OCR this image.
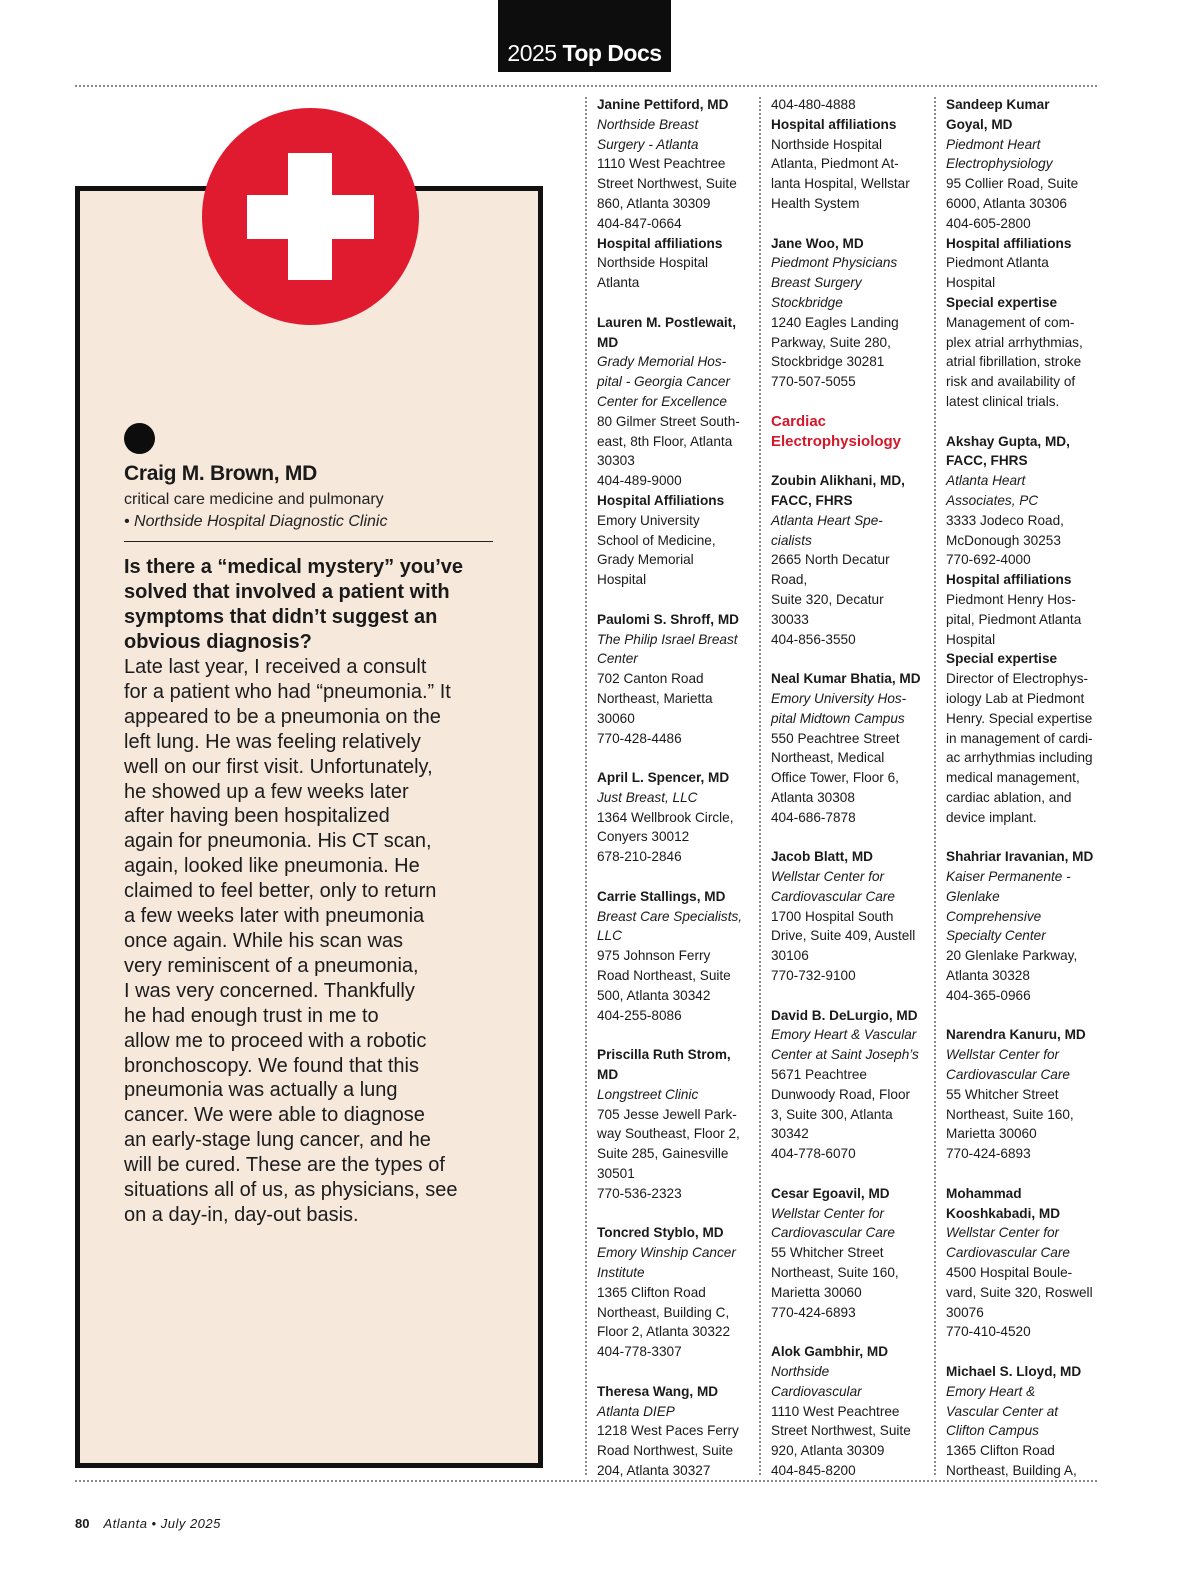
2025 Top Docs
Craig M. Brown, MD
critical care medicine and pulmonary
• Northside Hospital Diagnostic Clinic
Is there a “medical mystery” you’ve solved that involved a patient with symptoms that didn’t suggest an obvious diagnosis?
Late last year, I received a consult
for a patient who had “pneumonia.” It
appeared to be a pneumonia on the
left lung. He was feeling relatively
well on our first visit. Unfortunately,
he showed up a few weeks later
after having been hospitalized
again for pneumonia. His CT scan,
again, looked like pneumonia. He
claimed to feel better, only to return
a few weeks later with pneumonia
once again. While his scan was
very reminiscent of a pneumonia,
I was very concerned. Thankfully
he had enough trust in me to
allow me to proceed with a robotic
bronchoscopy. We found that this
pneumonia was actually a lung
cancer. We were able to diagnose
an early-stage lung cancer, and he
will be cured. These are the types of
situations all of us, as physicians, see
on a day-in, day-out basis.
Janine Pettiford, MD
Northside Breast
Surgery - Atlanta
1110 West Peachtree
Street Northwest, Suite
860, Atlanta 30309
404-847-0664
Hospital affiliations
Northside Hospital
Atlanta
Lauren M. Postlewait,
MD
Grady Memorial Hos-
pital - Georgia Cancer
Center for Excellence
80 Gilmer Street South-
east, 8th Floor, Atlanta
30303
404-489-9000
Hospital Affiliations
Emory University
School of Medicine,
Grady Memorial
Hospital
Paulomi S. Shroff, MD
The Philip Israel Breast
Center
702 Canton Road
Northeast, Marietta
30060
770-428-4486
April L. Spencer, MD
Just Breast, LLC
1364 Wellbrook Circle,
Conyers 30012
678-210-2846
Carrie Stallings, MD
Breast Care Specialists,
LLC
975 Johnson Ferry
Road Northeast, Suite
500, Atlanta 30342
404-255-8086
Priscilla Ruth Strom,
MD
Longstreet Clinic
705 Jesse Jewell Park-
way Southeast, Floor 2,
Suite 285, Gainesville
30501
770-536-2323
Toncred Styblo, MD
Emory Winship Cancer
Institute
1365 Clifton Road
Northeast, Building C,
Floor 2, Atlanta 30322
404-778-3307
Theresa Wang, MD
Atlanta DIEP
1218 West Paces Ferry
Road Northwest, Suite
204, Atlanta 30327
404-480-4888
Hospital affiliations
Northside Hospital
Atlanta, Piedmont At-
lanta Hospital, Wellstar
Health System
Jane Woo, MD
Piedmont Physicians
Breast Surgery
Stockbridge
1240 Eagles Landing
Parkway, Suite 280,
Stockbridge 30281
770-507-5055
Cardiac
Electrophysiology
Zoubin Alikhani, MD,
FACC, FHRS
Atlanta Heart Spe-
cialists
2665 North Decatur
Road,
Suite 320, Decatur
30033
404-856-3550
Neal Kumar Bhatia, MD
Emory University Hos-
pital Midtown Campus
550 Peachtree Street
Northeast, Medical
Office Tower, Floor 6,
Atlanta 30308
404-686-7878
Jacob Blatt, MD
Wellstar Center for
Cardiovascular Care
1700 Hospital South
Drive, Suite 409, Austell
30106
770-732-9100
David B. DeLurgio, MD
Emory Heart & Vascular
Center at Saint Joseph’s
5671 Peachtree
Dunwoody Road, Floor
3, Suite 300, Atlanta
30342
404-778-6070
Cesar Egoavil, MD
Wellstar Center for
Cardiovascular Care
55 Whitcher Street
Northeast, Suite 160,
Marietta 30060
770-424-6893
Alok Gambhir, MD
Northside
Cardiovascular
1110 West Peachtree
Street Northwest, Suite
920, Atlanta 30309
404-845-8200
Sandeep Kumar
Goyal, MD
Piedmont Heart
Electrophysiology
95 Collier Road, Suite
6000, Atlanta 30306
404-605-2800
Hospital affiliations
Piedmont Atlanta
Hospital
Special expertise
Management of com-
plex atrial arrhythmias,
atrial fibrillation, stroke
risk and availability of
latest clinical trials.
Akshay Gupta, MD,
FACC, FHRS
Atlanta Heart
Associates, PC
3333 Jodeco Road,
McDonough 30253
770-692-4000
Hospital affiliations
Piedmont Henry Hos-
pital, Piedmont Atlanta
Hospital
Special expertise
Director of Electrophys-
iology Lab at Piedmont
Henry. Special expertise
in management of cardi-
ac arrhythmias including
medical management,
cardiac ablation, and
device implant.
Shahriar Iravanian, MD
Kaiser Permanente -
Glenlake
Comprehensive
Specialty Center
20 Glenlake Parkway,
Atlanta 30328
404-365-0966
Narendra Kanuru, MD
Wellstar Center for
Cardiovascular Care
55 Whitcher Street
Northeast, Suite 160,
Marietta 30060
770-424-6893
Mohammad
Kooshkabadi, MD
Wellstar Center for
Cardiovascular Care
4500 Hospital Boule-
vard, Suite 320, Roswell
30076
770-410-4520
Michael S. Lloyd, MD
Emory Heart &
Vascular Center at
Clifton Campus
1365 Clifton Road
Northeast, Building A,
80 Atlanta • July 2025
